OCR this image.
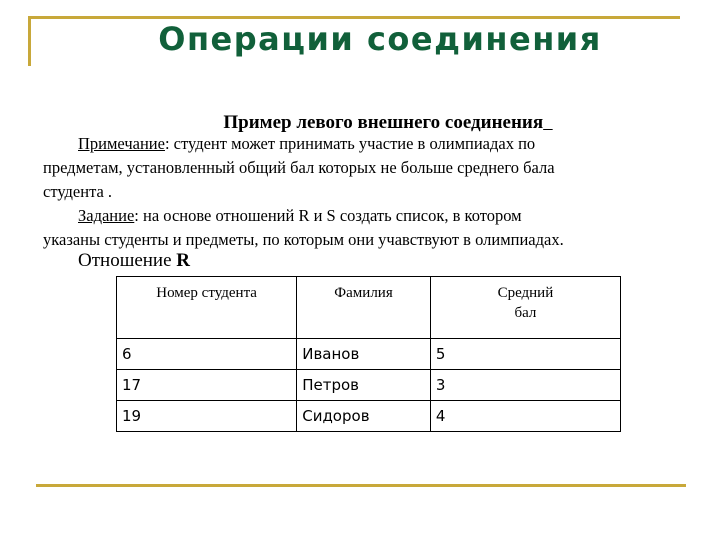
Операции соединения
Пример левого внешнего соединения
Примечание: студент может принимать участие в олимпиадах по
предметам, установленный общий бал которых не больше среднего бала
студента .
Задание: на основе отношений R и S создать список, в котором
указаны студенты и предметы, по которым они учавствуют в олимпиадах.
Отношение R
Номер студента	Фамилия	Средний
бал
6	Иванов	5
17	Петров	3
19	Сидоров	4
